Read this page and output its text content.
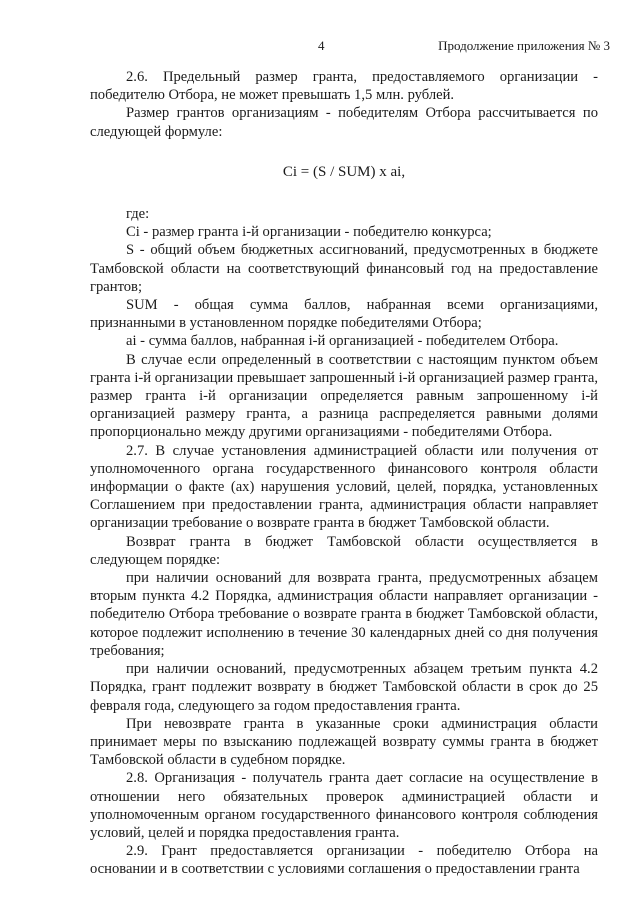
4	Продолжение приложения № 3

2.6. Предельный размер гранта, предоставляемого организации - победителю Отбора, не может превышать 1,5 млн. рублей.

Размер грантов организациям - победителям Отбора рассчитывается по следующей формуле:

Ci = (S / SUM) x ai,

где:

Ci - размер гранта i-й организации - победителю конкурса;

S - общий объем бюджетных ассигнований, предусмотренных в бюджете Тамбовской области на соответствующий финансовый год на предоставление грантов;

SUM - общая сумма баллов, набранная всеми организациями, признанными в установленном порядке победителями Отбора;

ai - сумма баллов, набранная i-й организацией - победителем Отбора.

В случае если определенный в соответствии с настоящим пунктом объем гранта i-й организации превышает запрошенный i-й организацией размер гранта, размер гранта i-й организации определяется равным запрошенному i-й организацией размеру гранта, а разница распределяется равными долями пропорционально между другими организациями - победителями Отбора.

2.7. В случае установления администрацией области или получения от уполномоченного органа государственного финансового контроля области информации о факте (ах) нарушения условий, целей, порядка, установленных Соглашением при предоставлении гранта, администрация области направляет организации требование о возврате гранта в бюджет Тамбовской области.

Возврат гранта в бюджет Тамбовской области осуществляется в следующем порядке:

при наличии оснований для возврата гранта, предусмотренных абзацем вторым пункта 4.2 Порядка, администрация области направляет организации - победителю Отбора требование о возврате гранта в бюджет Тамбовской области, которое подлежит исполнению в течение 30 календарных дней со дня получения требования;

при наличии оснований, предусмотренных абзацем третьим пункта 4.2 Порядка, грант подлежит возврату в бюджет Тамбовской области в срок до 25 февраля года, следующего за годом предоставления гранта.

При невозврате гранта в указанные сроки администрация области принимает меры по взысканию подлежащей возврату суммы гранта в бюджет Тамбовской области в судебном порядке.

2.8. Организация - получатель гранта дает согласие на осуществление в отношении него обязательных проверок администрацией области и уполномоченным органом государственного финансового контроля соблюдения условий, целей и порядка предоставления гранта.

2.9. Грант предоставляется организации - победителю Отбора на основании и в соответствии с условиями соглашения о предоставлении гранта
